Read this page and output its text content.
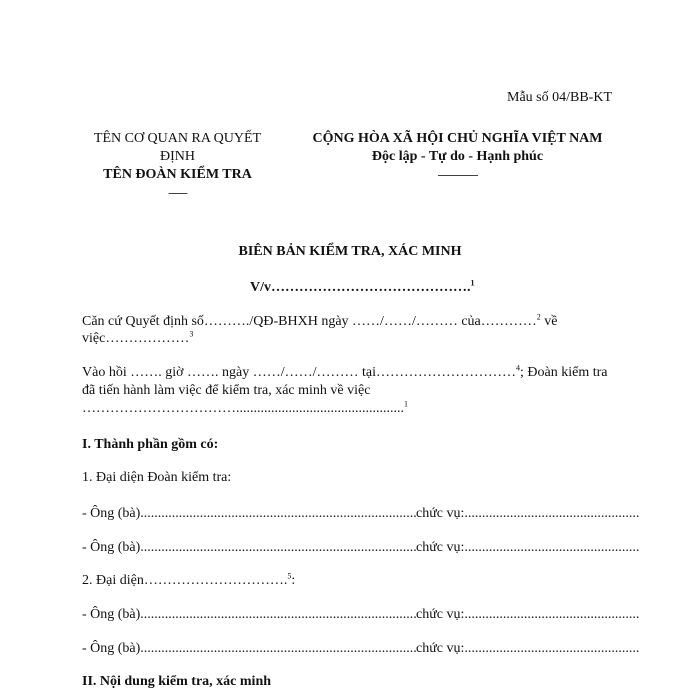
Mẫu số 04/BB-KT
TÊN CƠ QUAN RA QUYẾT
ĐỊNH
TÊN ĐOÀN KIỂM TRA
-------
CỘNG HÒA XÃ HỘI CHỦ NGHĨA VIỆT NAM
Độc lập - Tự do - Hạnh phúc
---------------
BIÊN BẢN KIỂM TRA, XÁC MINH
V/v…………………………………….$^1$
Căn cứ Quyết định số………./QĐ-BHXH ngày ……/……/……… của…………$^2$ về
việc………………$^3$
Vào hồi ……. giờ ……. ngày ……/……/……… tại…………………………$^4$; Đoàn kiểm tra
đã tiến hành làm việc để kiểm tra, xác minh về việc
……………………………................................................$^1$
I. Thành phần gồm có:
1. Đại diện Đoàn kiểm tra:
- Ông (bà)............................................................................... chức vụ:..................................................
- Ông (bà)............................................................................... chức vụ:..................................................
2. Đại diện………………………….$^5$:
- Ông (bà)............................................................................... chức vụ:..................................................
- Ông (bà)............................................................................... chức vụ:..................................................
II. Nội dung kiểm tra, xác minh
